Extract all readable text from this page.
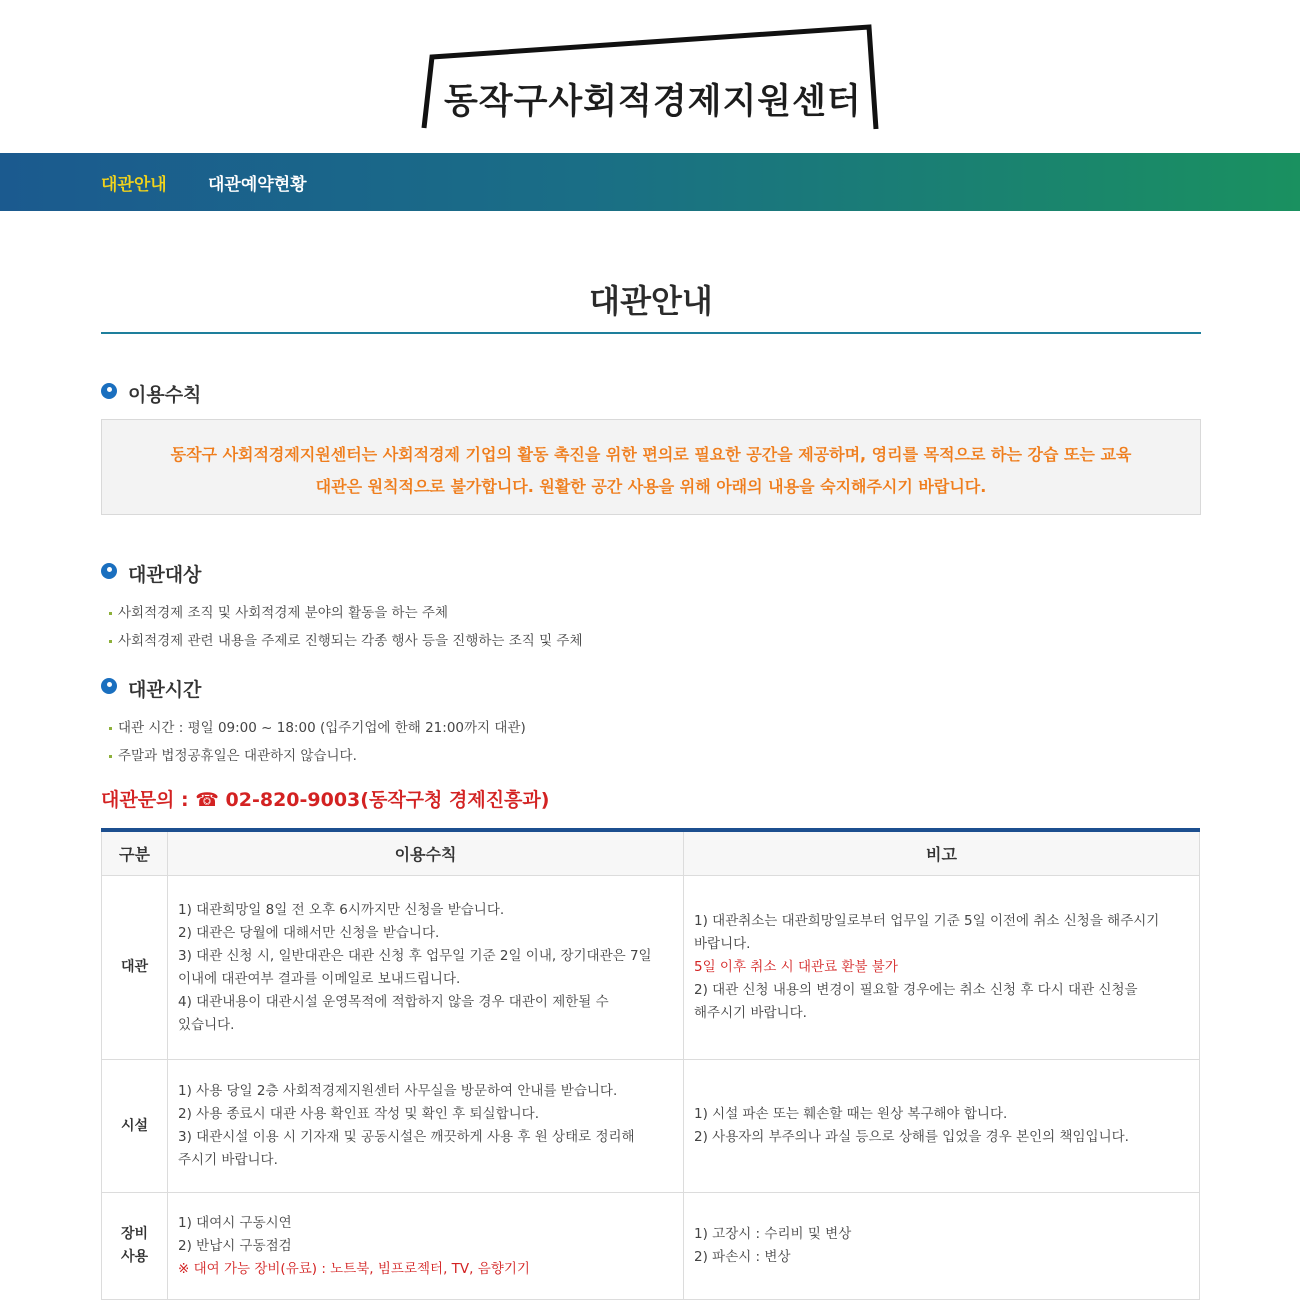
동작구사회적경제지원센터
대관안내 대관예약현황
대관안내
이용수칙
동작구 사회적경제지원센터는 사회적경제 기업의 활동 촉진을 위한 편의로 필요한 공간을 제공하며, 영리를 목적으로 하는 강습 또는 교육
대관은 원칙적으로 불가합니다. 원활한 공간 사용을 위해 아래의 내용을 숙지해주시기 바랍니다.
대관대상
사회적경제 조직 및 사회적경제 분야의 활동을 하는 주체
사회적경제 관련 내용을 주제로 진행되는 각종 행사 등을 진행하는 조직 및 주체
대관시간
대관 시간 : 평일 09:00 ~ 18:00 (입주기업에 한해 21:00까지 대관)
주말과 법정공휴일은 대관하지 않습니다.
대관문의 : ☎ 02-820-9003(동작구청 경제진흥과)
구분	이용수칙	비고
대관
1) 대관희망일 8일 전 오후 6시까지만 신청을 받습니다.
2) 대관은 당월에 대해서만 신청을 받습니다.
3) 대관 신청 시, 일반대관은 대관 신청 후 업무일 기준 2일 이내, 장기대관은 7일
이내에 대관여부 결과를 이메일로 보내드립니다.
4) 대관내용이 대관시설 운영목적에 적합하지 않을 경우 대관이 제한될 수
있습니다.
1) 대관취소는 대관희망일로부터 업무일 기준 5일 이전에 취소 신청을 해주시기
바랍니다.
5일 이후 취소 시 대관료 환불 불가
2) 대관 신청 내용의 변경이 필요할 경우에는 취소 신청 후 다시 대관 신청을
해주시기 바랍니다.
시설
1) 사용 당일 2층 사회적경제지원센터 사무실을 방문하여 안내를 받습니다.
2) 사용 종료시 대관 사용 확인표 작성 및 확인 후 퇴실합니다.
3) 대관시설 이용 시 기자재 및 공동시설은 깨끗하게 사용 후 원 상태로 정리해
주시기 바랍니다.
1) 시설 파손 또는 훼손할 때는 원상 복구해야 합니다.
2) 사용자의 부주의나 과실 등으로 상해를 입었을 경우 본인의 책임입니다.
장비
사용
1) 대여시 구동시연
2) 반납시 구동점검
※ 대여 가능 장비(유료) : 노트북, 빔프로젝터, TV, 음향기기
1) 고장시 : 수리비 및 변상
2) 파손시 : 변상
